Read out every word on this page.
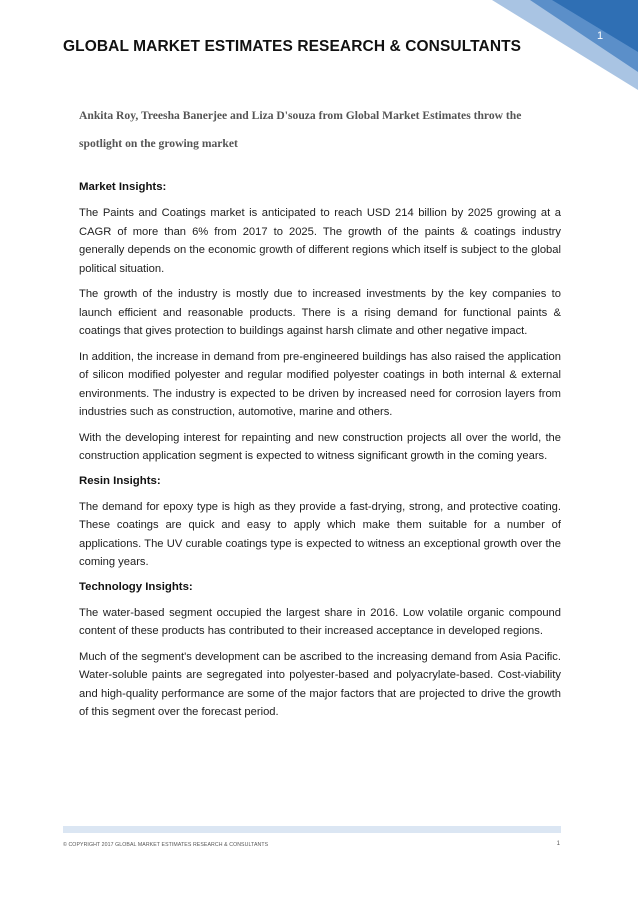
1
GLOBAL MARKET ESTIMATES RESEARCH & CONSULTANTS
Ankita Roy, Treesha Banerjee and Liza D'souza from Global Market Estimates throw the spotlight on the growing market
Market Insights:

The Paints and Coatings market is anticipated to reach USD 214 billion by 2025 growing at a CAGR of more than 6% from 2017 to 2025. The growth of the paints & coatings industry generally depends on the economic growth of different regions which itself is subject to the global political situation.

The growth of the industry is mostly due to increased investments by the key companies to launch efficient and reasonable products. There is a rising demand for functional paints & coatings that gives protection to buildings against harsh climate and other negative impact.

In addition, the increase in demand from pre-engineered buildings has also raised the application of silicon modified polyester and regular modified polyester coatings in both internal & external environments. The industry is expected to be driven by increased need for corrosion layers from industries such as construction, automotive, marine and others.

With the developing interest for repainting and new construction projects all over the world, the construction application segment is expected to witness significant growth in the coming years.

Resin Insights:

The demand for epoxy type is high as they provide a fast-drying, strong, and protective coating. These coatings are quick and easy to apply which make them suitable for a number of applications. The UV curable coatings type is expected to witness an exceptional growth over the coming years.

Technology Insights:

The water-based segment occupied the largest share in 2016. Low volatile organic compound content of these products has contributed to their increased acceptance in developed regions.

Much of the segment's development can be ascribed to the increasing demand from Asia Pacific. Water-soluble paints are segregated into polyester-based and polyacrylate-based. Cost-viability and high-quality performance are some of the major factors that are projected to drive the growth of this segment over the forecast period.

© COPYRIGHT 2017 GLOBAL MARKET ESTIMATES RESEARCH & CONSULTANTS	1
